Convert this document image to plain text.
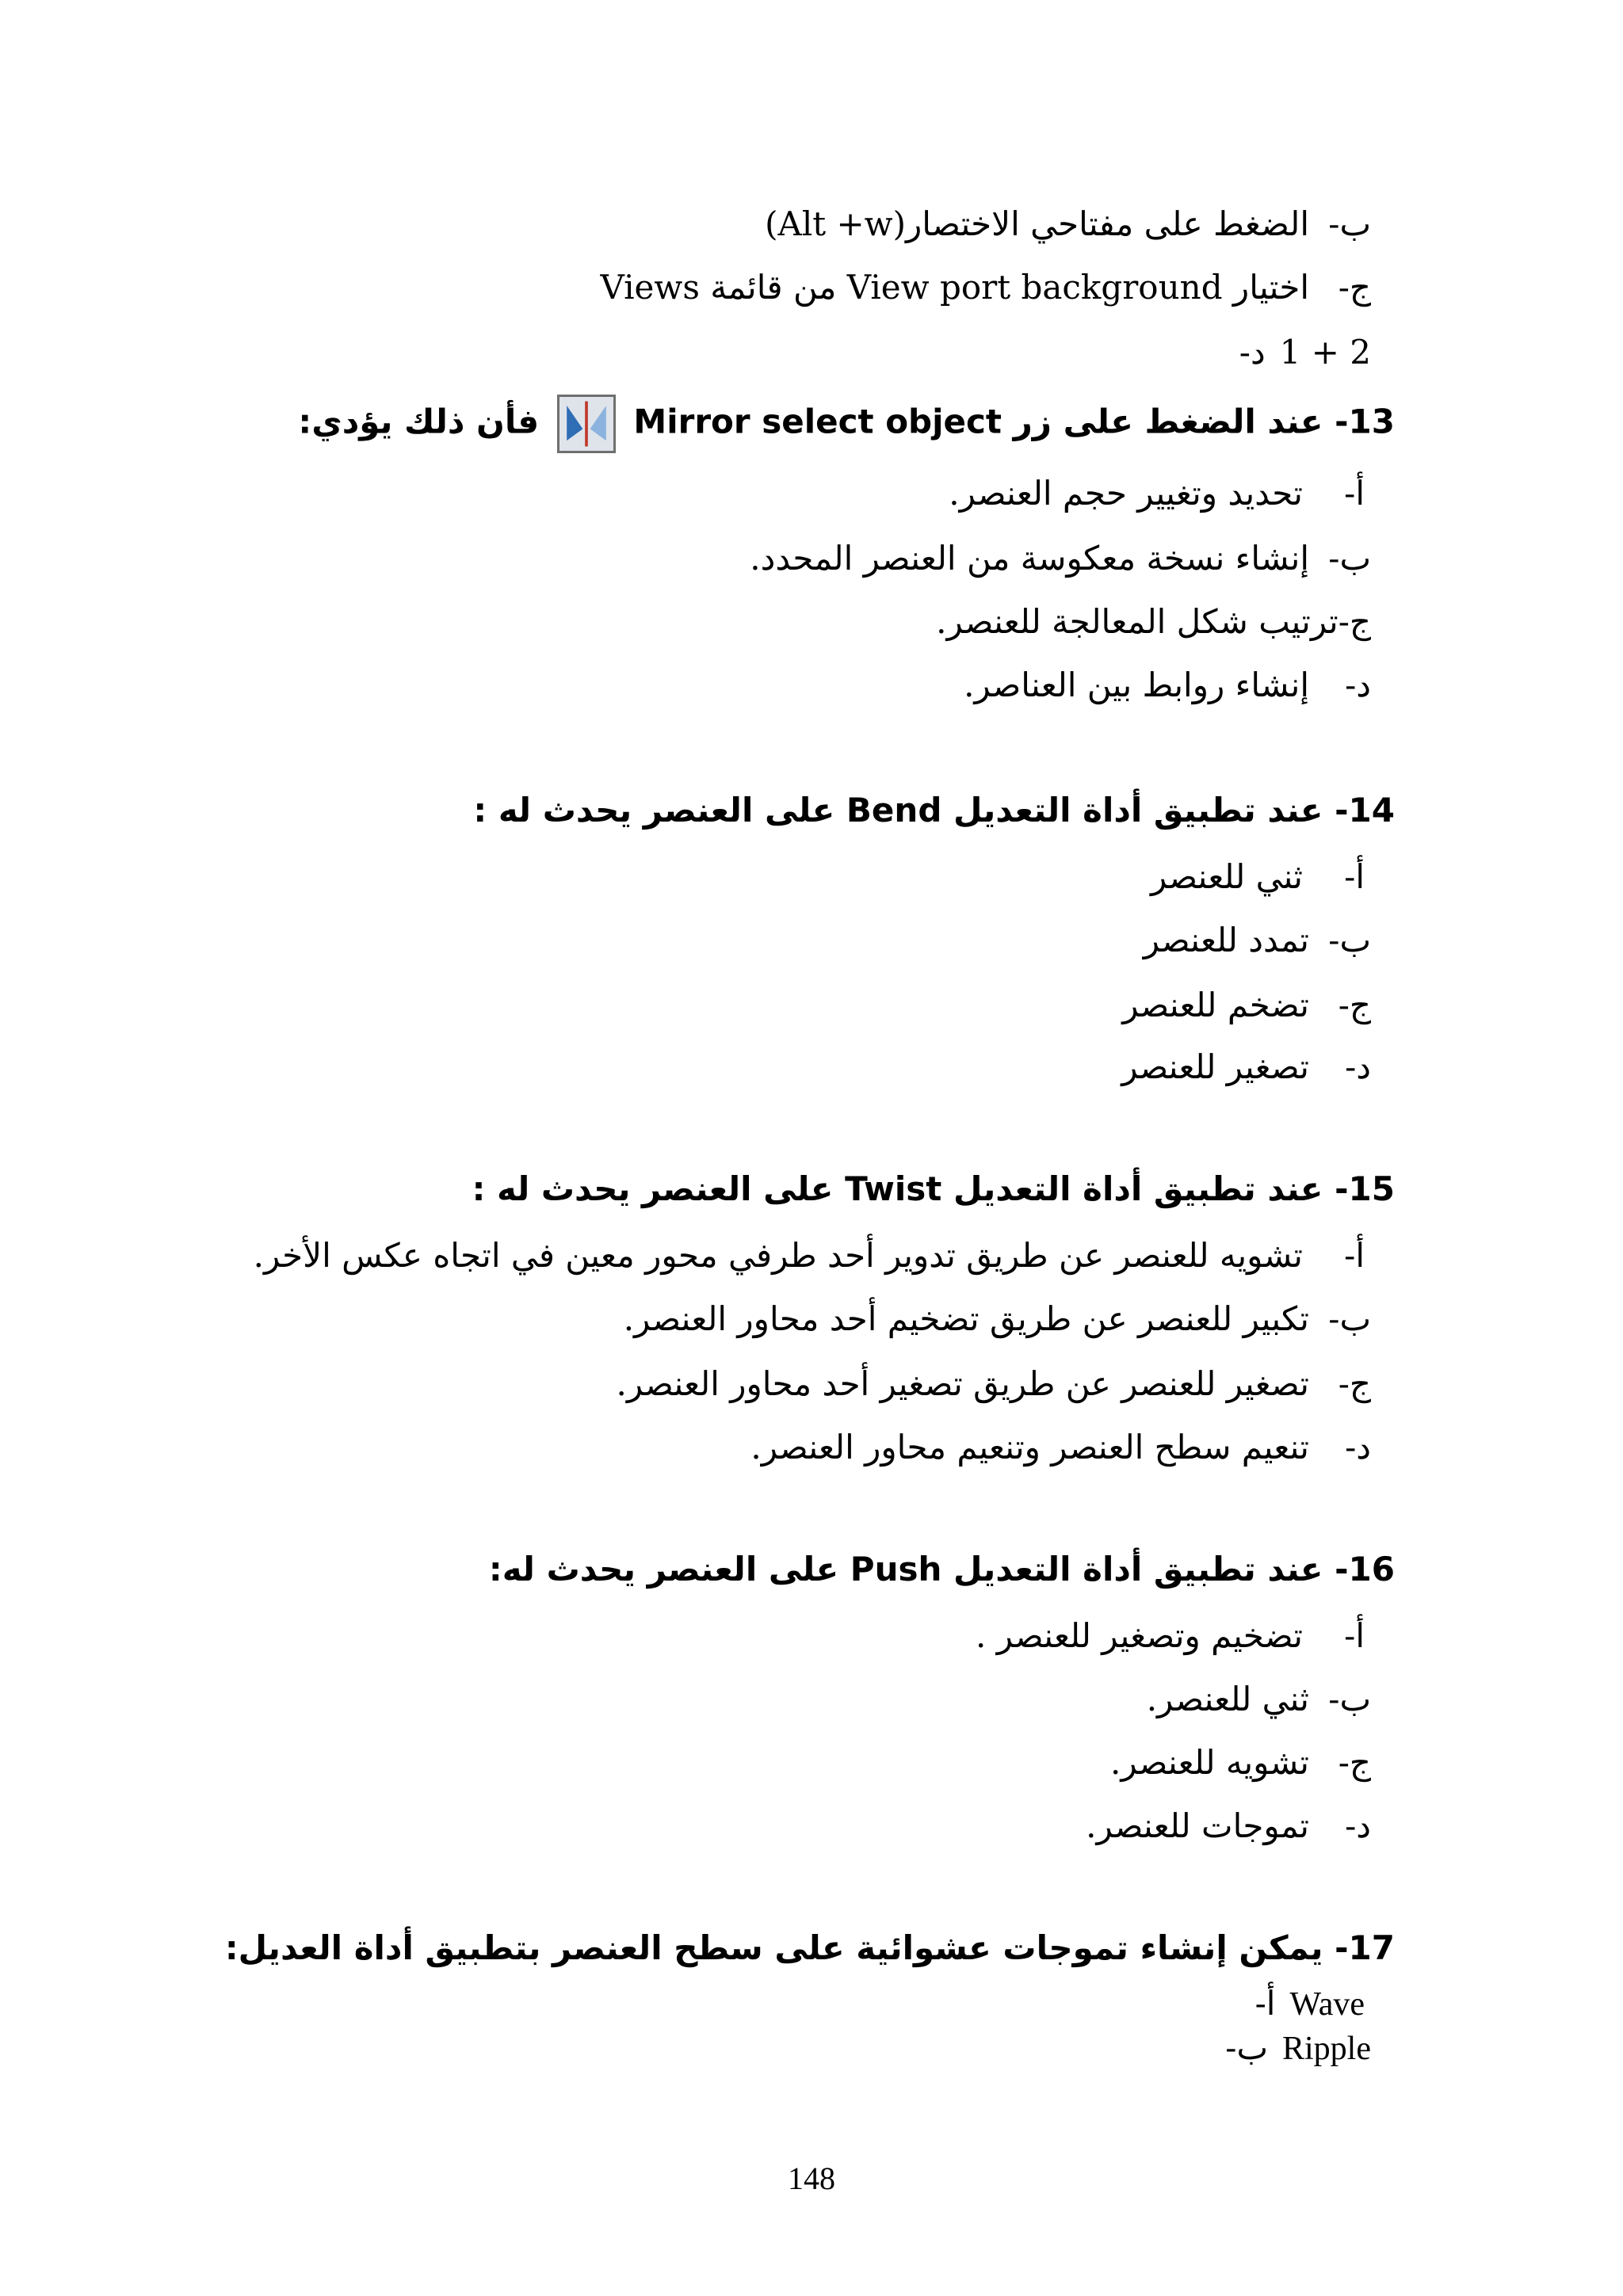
ب-الضغط على مفتاحي الاختصار(Alt +w)
ج-اختيار View port background من قائمة Views
د- 1 + 2
13- عند الضغط على زر Mirror select object
فأن ذلك يؤدي:
أ-تحديد وتغيير حجم العنصر.
ب-إنشاء نسخة معكوسة من العنصر المحدد.
ج-ترتيب شكل المعالجة للعنصر.
د-إنشاء روابط بين العناصر.
14- عند تطبيق أداة التعديل Bend على العنصر يحدث له :
أ-ثني للعنصر
ب-تمدد للعنصر
ج-تضخم للعنصر
د-تصغير للعنصر
15- عند تطبيق أداة التعديل Twist على العنصر يحدث له :
أ-تشويه للعنصر عن طريق تدوير أحد طرفي محور معين في اتجاه عكس الأخر.
ب-تكبير للعنصر عن طريق تضخيم أحد محاور العنصر.
ج-تصغير للعنصر عن طريق تصغير أحد محاور العنصر.
د-تنعيم سطح العنصر وتنعيم محاور العنصر.
16- عند تطبيق أداة التعديل Push على العنصر يحدث له:
أ-تضخيم وتصغير للعنصر .
ب-ثني للعنصر.
ج-تشويه للعنصر.
د-تموجات للعنصر.
17- يمكن إنشاء تموجات عشوائية على سطح العنصر بتطبيق أداة العديل:
أ- Wave
ب- Ripple
148
